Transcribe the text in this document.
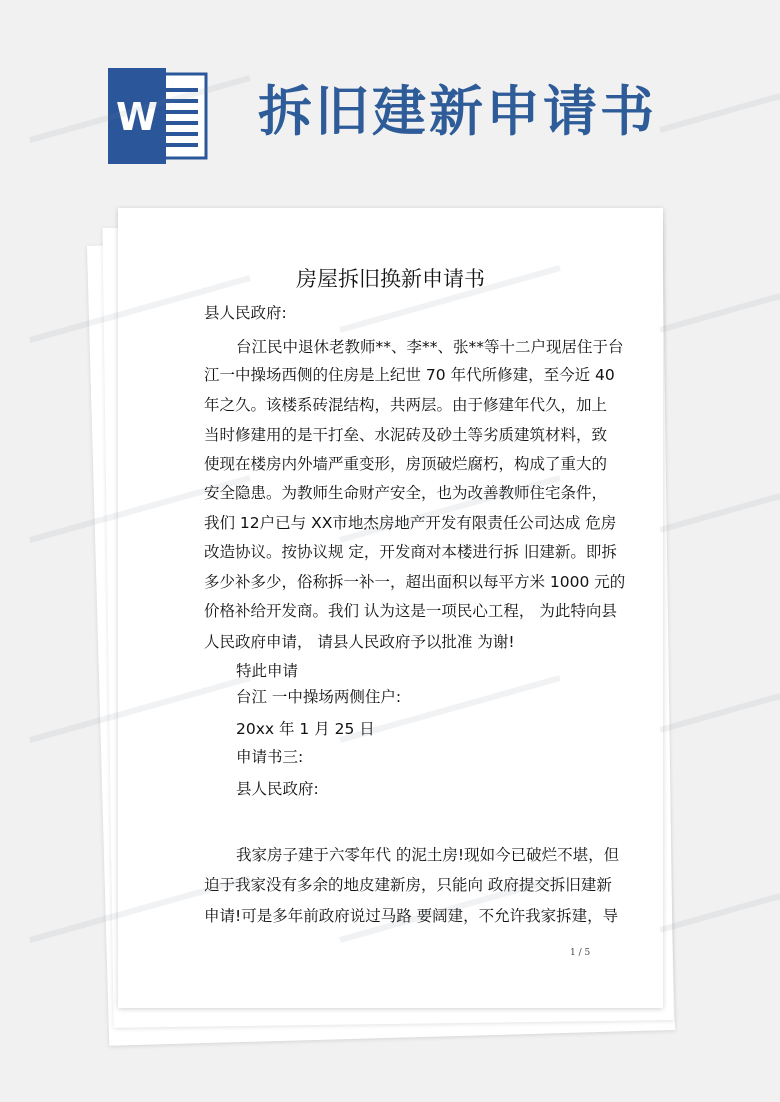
W 拆旧建新申请书
房屋拆旧换新申请书
县人民政府:
台江民中退休老教师**、李**、张**等十二户现居住于台
江一中操场西侧的住房是上纪世 70 年代所修建，至今近 40
年之久。该楼系砖混结构，共两层。由于修建年代久，加上
当时修建用的是干打垒、水泥砖及砂土等劣质建筑材料，致
使现在楼房内外墙严重变形，房顶破烂腐朽，构成了重大的
安全隐患。为教师生命财产安全，也为改善教师住宅条件，
我们 12户已与 XX市地杰房地产开发有限责任公司达成 危房
改造协议。按协议规 定，开发商对本楼进行拆 旧建新。即拆
多少补多少，俗称拆一补一，超出面积以每平方米 1000 元的
价格补给开发商。我们 认为这是一项民心工程， 为此特向县
人民政府申请， 请县人民政府予以批准 为谢!
特此申请
台江 一中操场两侧住户:
20xx 年 1 月 25 日
申请书三:
县人民政府:
我家房子建于六零年代 的泥土房!现如今已破烂不堪，但
迫于我家没有多余的地皮建新房，只能向 政府提交拆旧建新
申请!可是多年前政府说过马路 要阔建，不允许我家拆建，导
1 / 5
